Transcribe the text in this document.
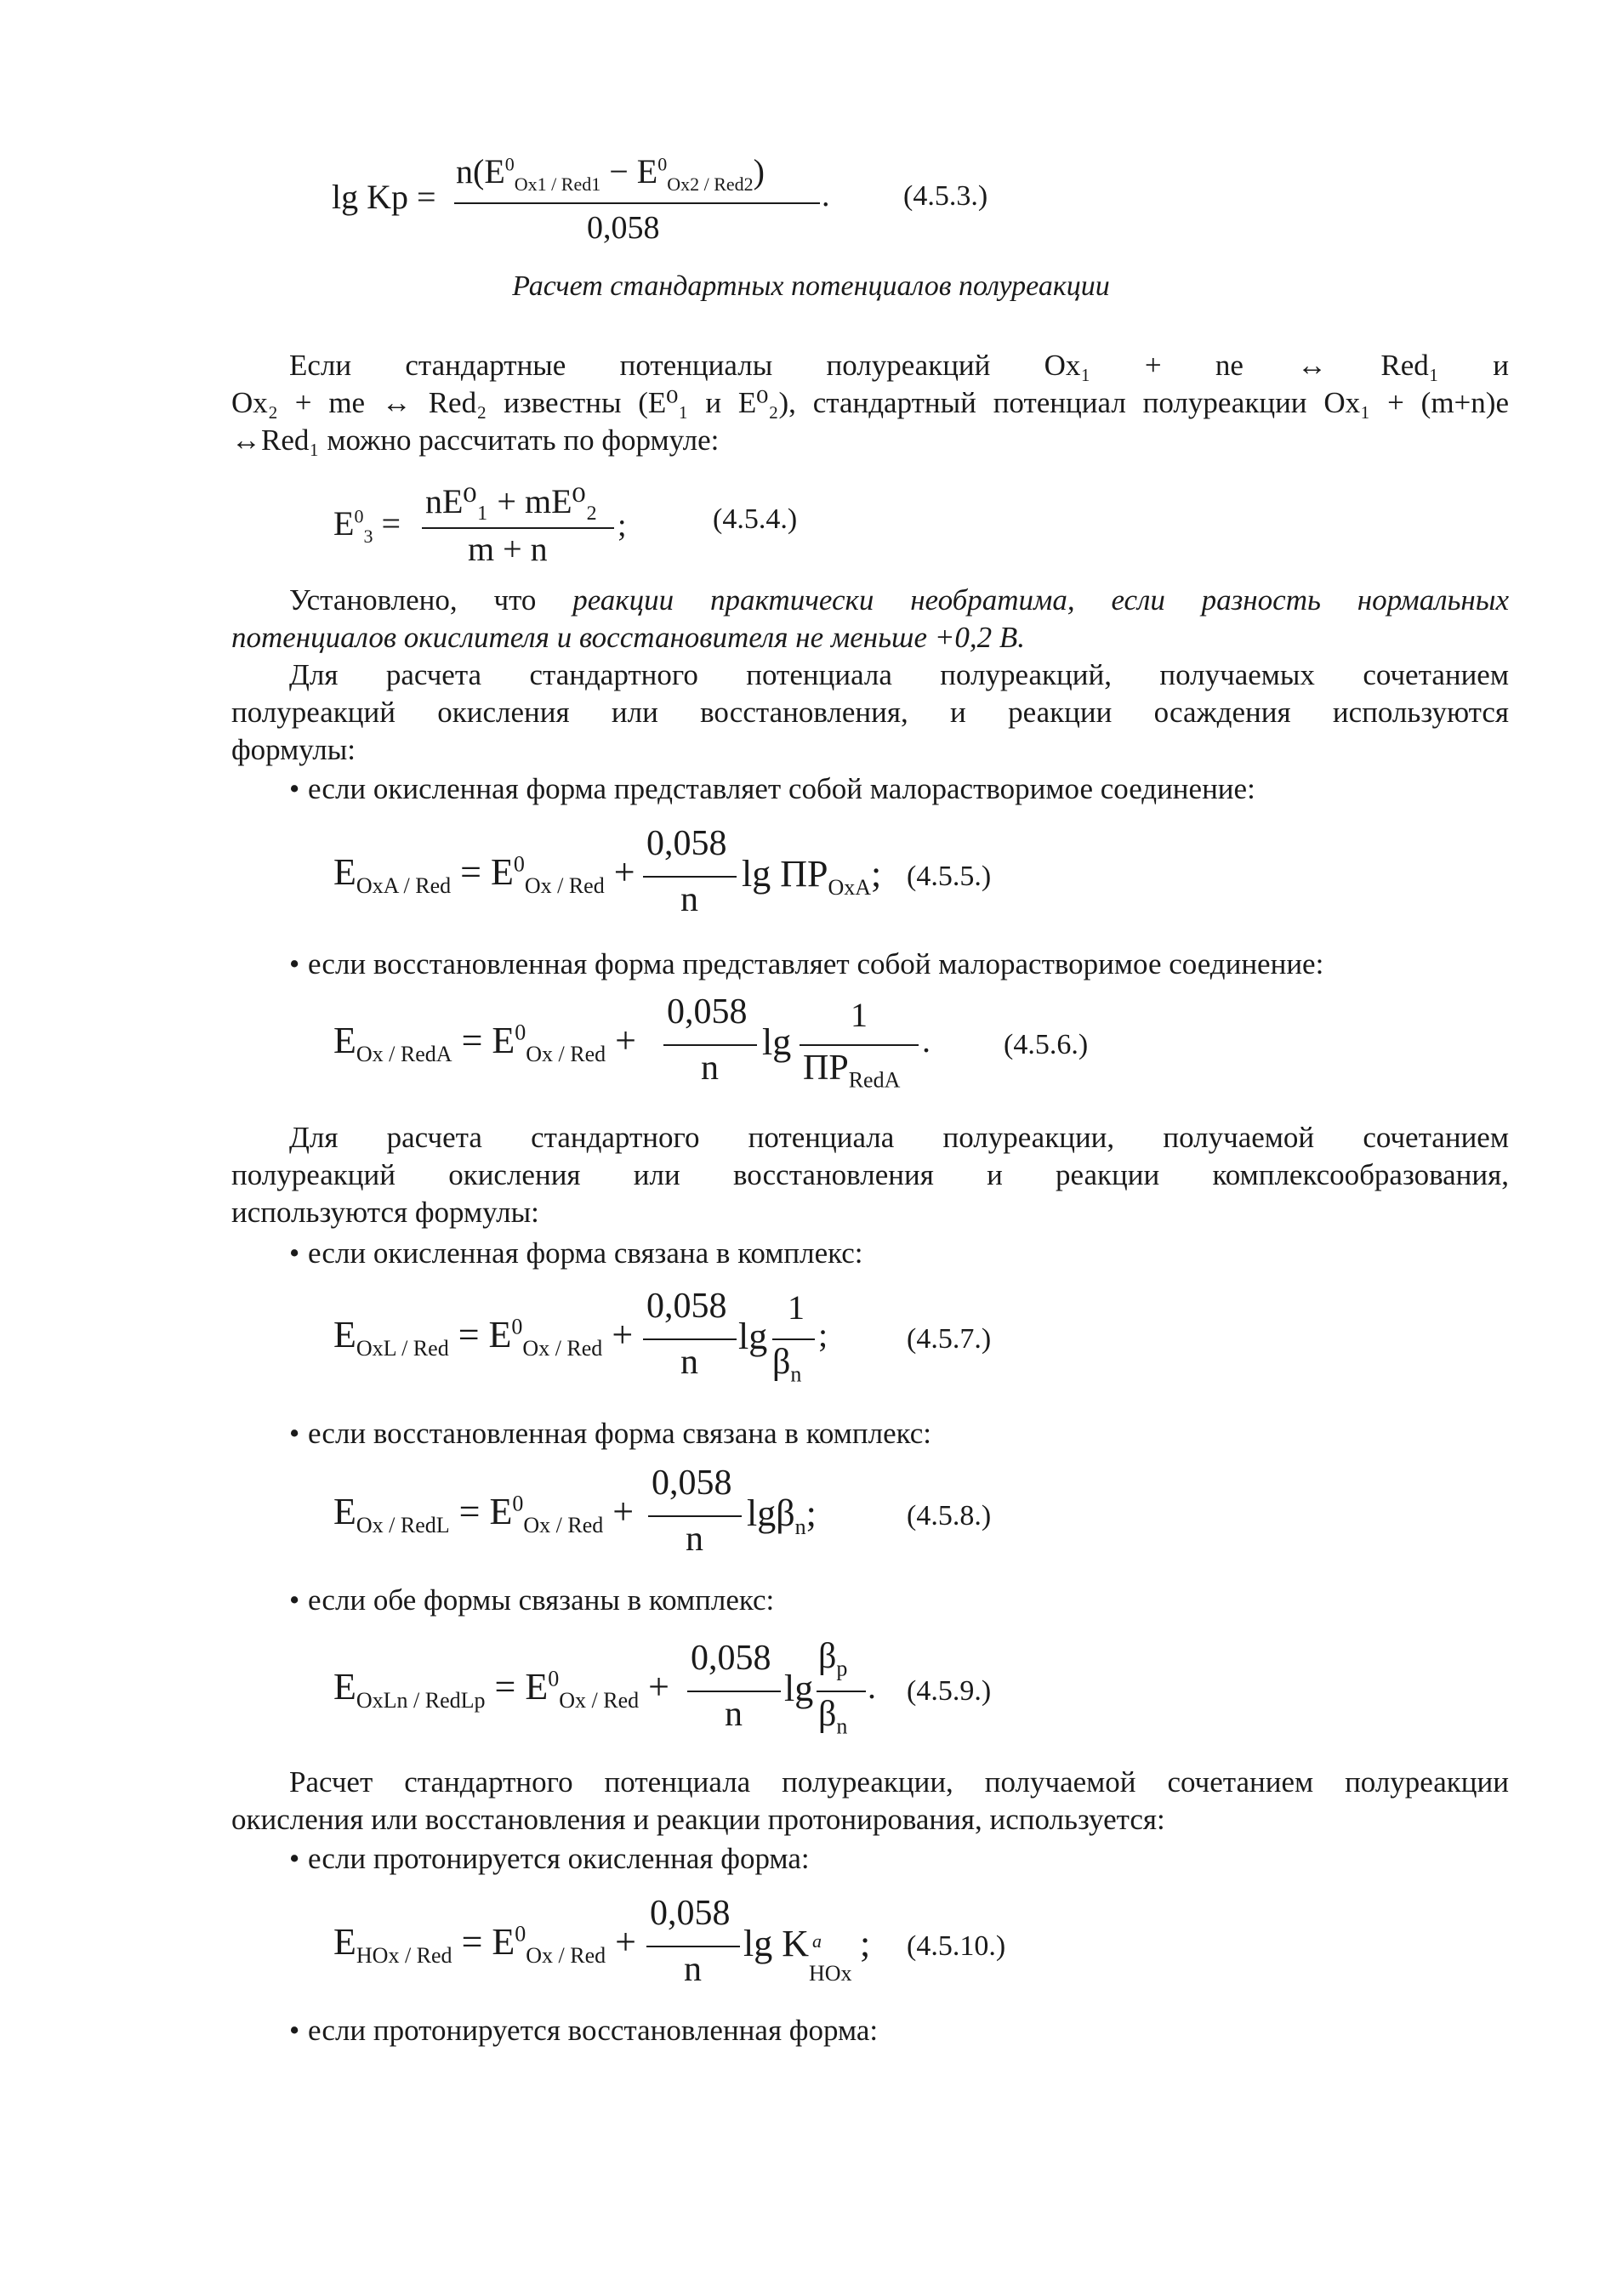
lg Kp =
$n(E^0_{Ox1 / Red1} - E^0_{Ox2 / Red2})$
0,058
.	(4.5.3.)
Расчет стандартных потенциалов полуреакции
Если стандартные потенциалы полуреакций Ox₁ + ne ↔ Red₁ и
Ox₂ + me ↔ Red₂ известны (E⁰₁ и E⁰₂), стандартный потенциал полуреакции Ox₁ + (m+n)e
↔Red₁ можно рассчитать по формуле:
$E^0_3$ =
nE⁰₁ + mE⁰₂
m + n
;	(4.5.4.)
Установлено, что реакции практически необратима, если разность нормальных
потенциалов окислителя и восстановителя не меньше +0,2 В.
Для расчета стандартного потенциала полуреакций, получаемых сочетанием
полуреакций окисления или восстановления, и реакции осаждения используются
формулы:
• если окисленная форма представляет собой малорастворимое соединение:
$E_{OxA / Red} = E^0_{Ox / Red}$ +
0,058
n
$\lg ПР_{OxA}$; (4.5.5.)
• если восстановленная форма представляет собой малорастворимое соединение:
$E_{Ox / RedA} = E^0_{Ox / Red}$ +
0,058
n
lg
1
$ПР_{RedA}$
.	(4.5.6.)
Для расчета стандартного потенциала полуреакции, получаемой сочетанием
полуреакций окисления или восстановления и реакции комплексообразования,
используются формулы:
• если окисленная форма связана в комплекс:
$E_{OxL / Red} = E^0_{Ox / Red}$ +
0,058
n
lg
1
$\beta_n$
;	(4.5.7.)
• если восстановленная форма связана в комплекс:
$E_{Ox / RedL} = E^0_{Ox / Red}$ +
0,058
n
lgβ$_n$;	(4.5.8.)
• если обе формы связаны в комплекс:
$E_{OxLn / RedLp} = E^0_{Ox / Red}$ +
0,058
n
lg
$\beta_p$
$\beta_n$
. (4.5.9.)
Расчет стандартного потенциала полуреакции, получаемой сочетанием полуреакции
окисления или восстановления и реакции протонирования, используется:
• если протонируется окисленная форма:
$E_{HOx / Red} = E^0_{Ox / Red}$ +
0,058
n
lg K a
HOx
; (4.5.10.)
• если протонируется восстановленная форма:
